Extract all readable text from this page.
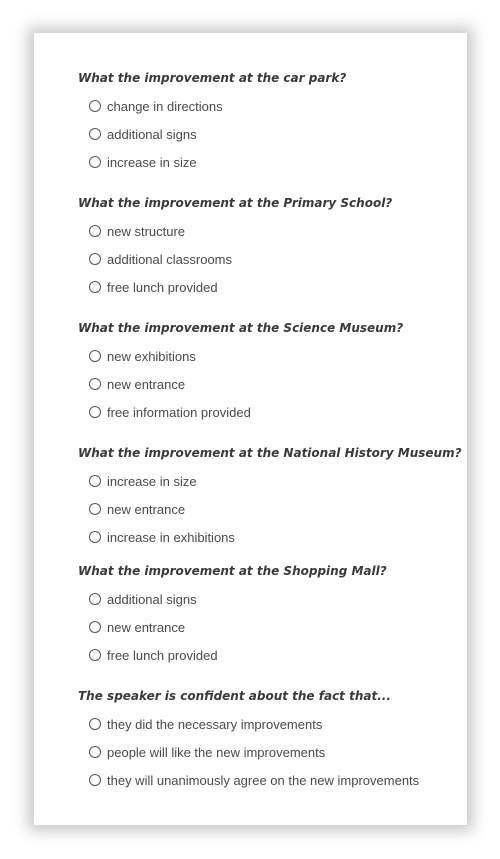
What the improvement at the car park?

change in directions
additional signs
increase in size

What the improvement at the Primary School?

new structure
additional classrooms
free lunch provided

What the improvement at the Science Museum?

new exhibitions
new entrance
free information provided

What the improvement at the National History Museum?

increase in size
new entrance
increase in exhibitions

What the improvement at the Shopping Mall?

additional signs
new entrance
free lunch provided

The speaker is confident about the fact that...

they did the necessary improvements
people will like the new improvements
they will unanimously agree on the new improvements
